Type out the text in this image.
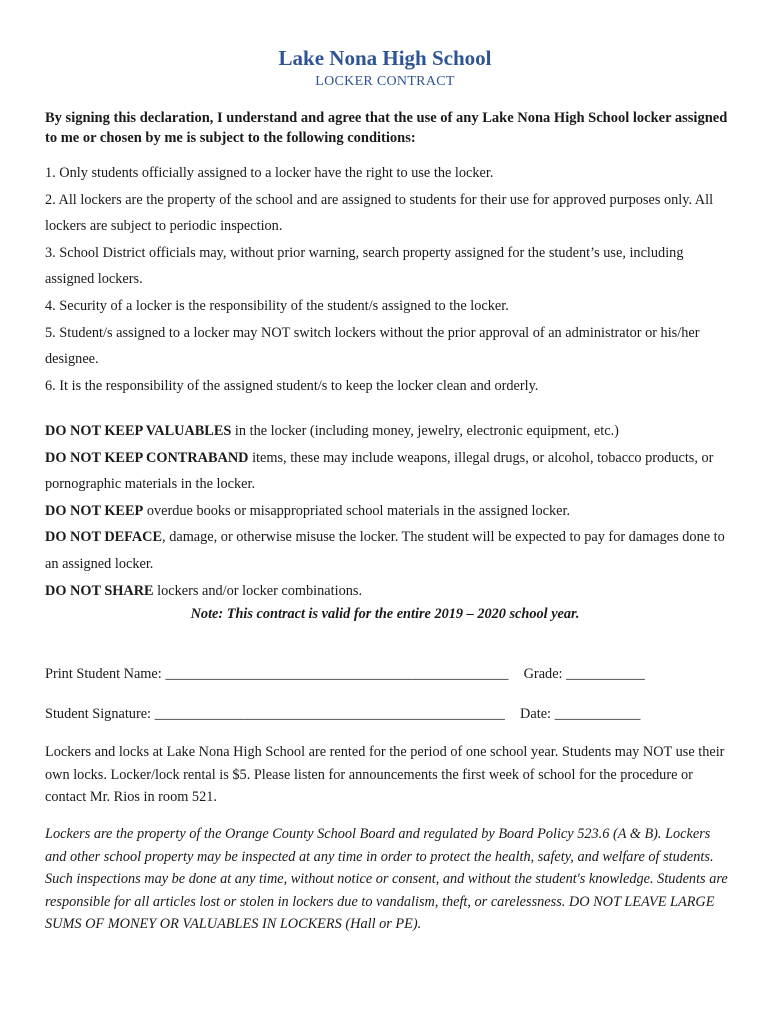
Lake Nona High School
LOCKER CONTRACT
By signing this declaration, I understand and agree that the use of any Lake Nona High School locker assigned to me or chosen by me is subject to the following conditions:
1. Only students officially assigned to a locker have the right to use the locker.
2. All lockers are the property of the school and are assigned to students for their use for approved purposes only. All lockers are subject to periodic inspection.
3. School District officials may, without prior warning, search property assigned for the student’s use, including assigned lockers.
4. Security of a locker is the responsibility of the student/s assigned to the locker.
5. Student/s assigned to a locker may NOT switch lockers without the prior approval of an administrator or his/her designee.
6. It is the responsibility of the assigned student/s to keep the locker clean and orderly.

DO NOT KEEP VALUABLES in the locker (including money, jewelry, electronic equipment, etc.)

DO NOT KEEP CONTRABAND items, these may include weapons, illegal drugs, or alcohol, tobacco products, or pornographic materials in the locker.

DO NOT KEEP overdue books or misappropriated school materials in the assigned locker.

DO NOT DEFACE, damage, or otherwise misuse the locker. The student will be expected to pay for damages done to an assigned locker.

DO NOT SHARE lockers and/or locker combinations.

Note: This contract is valid for the entire 2019 – 2020 school year.
Print Student Name: ________________________________________________ Grade: ___________
Student Signature: _________________________________________________ Date: ____________
Lockers and locks at Lake Nona High School are rented for the period of one school year. Students may NOT use their own locks. Locker/lock rental is $5. Please listen for announcements the first week of school for the procedure or contact Mr. Rios in room 521.
Lockers are the property of the Orange County School Board and regulated by Board Policy 523.6 (A & B). Lockers and other school property may be inspected at any time in order to protect the health, safety, and welfare of students. Such inspections may be done at any time, without notice or consent, and without the student's knowledge. Students are responsible for all articles lost or stolen in lockers due to vandalism, theft, or carelessness. DO NOT LEAVE LARGE SUMS OF MONEY OR VALUABLES IN LOCKERS (Hall or PE).
